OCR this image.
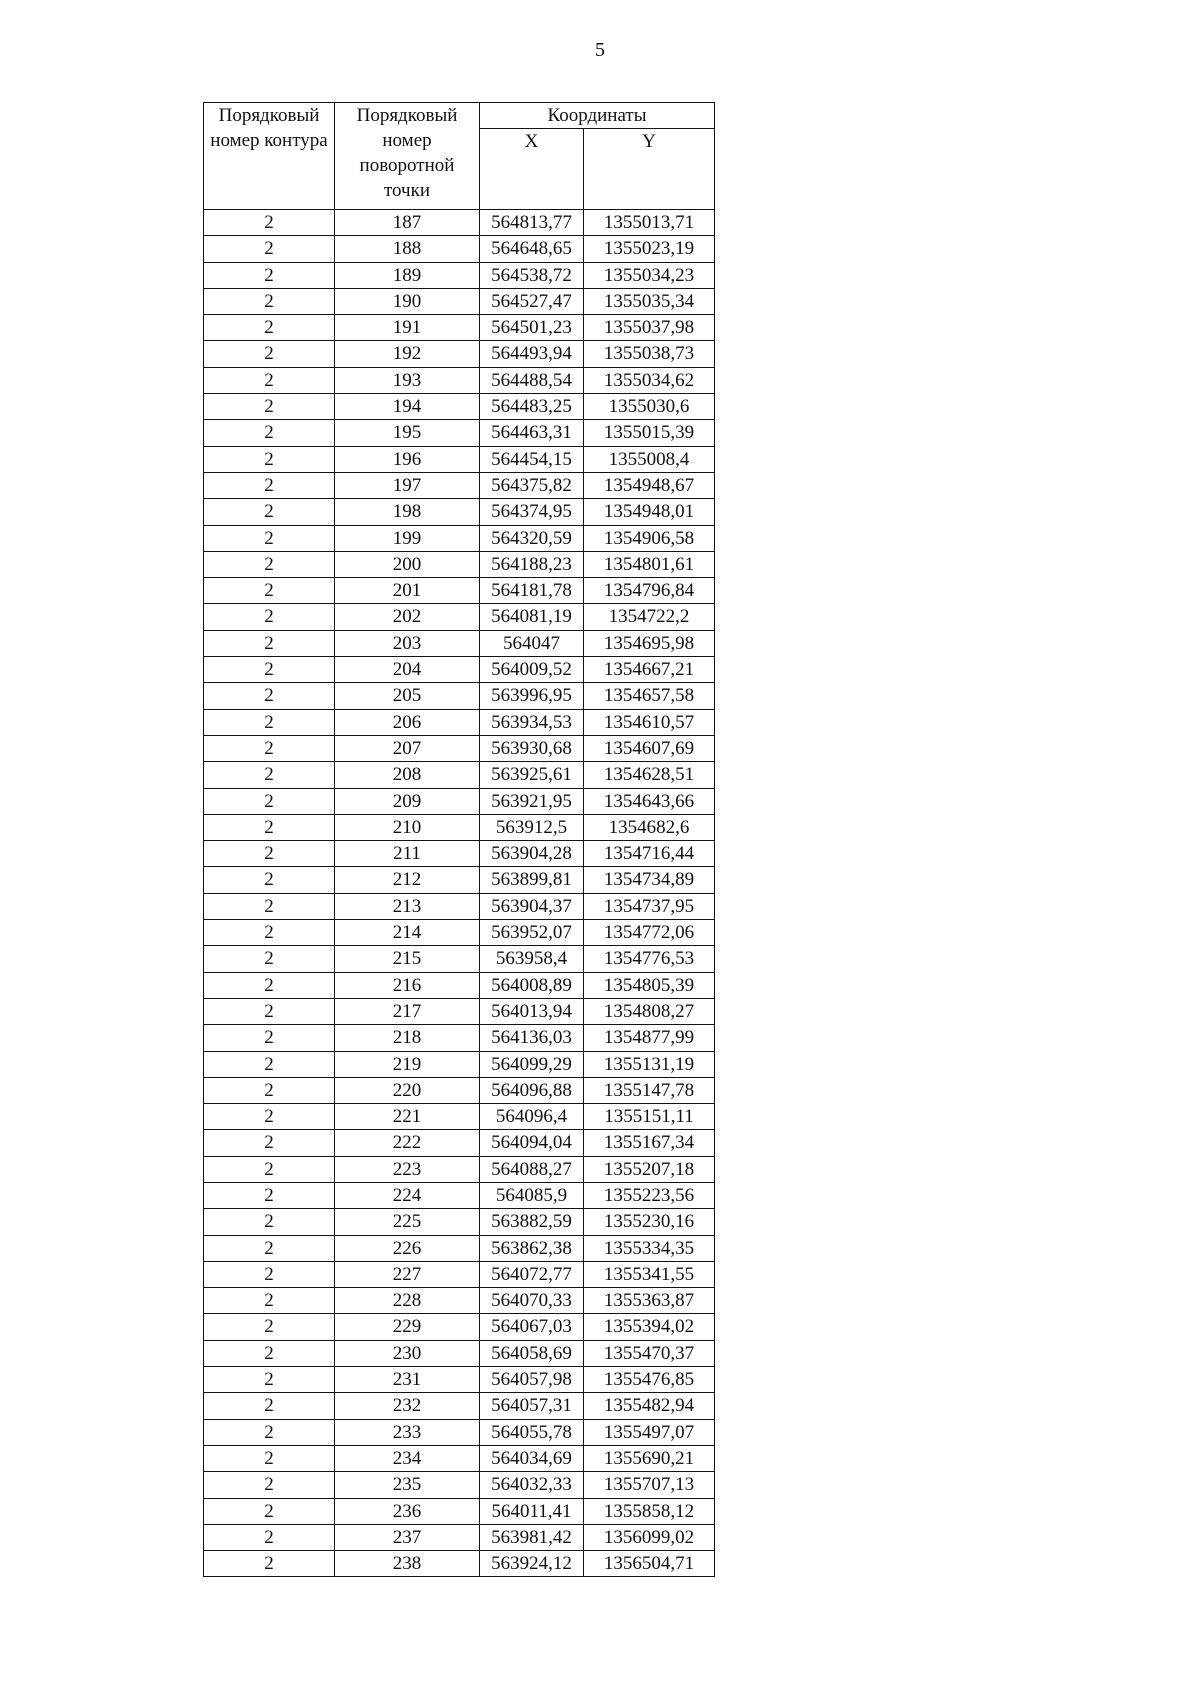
5
Порядковый номер контура	Порядковый номер поворотной точки	Координаты	
		X	Y
2	187	564813,77	1355013,71
2	188	564648,65	1355023,19
2	189	564538,72	1355034,23
2	190	564527,47	1355035,34
2	191	564501,23	1355037,98
2	192	564493,94	1355038,73
2	193	564488,54	1355034,62
2	194	564483,25	1355030,6
2	195	564463,31	1355015,39
2	196	564454,15	1355008,4
2	197	564375,82	1354948,67
2	198	564374,95	1354948,01
2	199	564320,59	1354906,58
2	200	564188,23	1354801,61
2	201	564181,78	1354796,84
2	202	564081,19	1354722,2
2	203	564047	1354695,98
2	204	564009,52	1354667,21
2	205	563996,95	1354657,58
2	206	563934,53	1354610,57
2	207	563930,68	1354607,69
2	208	563925,61	1354628,51
2	209	563921,95	1354643,66
2	210	563912,5	1354682,6
2	211	563904,28	1354716,44
2	212	563899,81	1354734,89
2	213	563904,37	1354737,95
2	214	563952,07	1354772,06
2	215	563958,4	1354776,53
2	216	564008,89	1354805,39
2	217	564013,94	1354808,27
2	218	564136,03	1354877,99
2	219	564099,29	1355131,19
2	220	564096,88	1355147,78
2	221	564096,4	1355151,11
2	222	564094,04	1355167,34
2	223	564088,27	1355207,18
2	224	564085,9	1355223,56
2	225	563882,59	1355230,16
2	226	563862,38	1355334,35
2	227	564072,77	1355341,55
2	228	564070,33	1355363,87
2	229	564067,03	1355394,02
2	230	564058,69	1355470,37
2	231	564057,98	1355476,85
2	232	564057,31	1355482,94
2	233	564055,78	1355497,07
2	234	564034,69	1355690,21
2	235	564032,33	1355707,13
2	236	564011,41	1355858,12
2	237	563981,42	1356099,02
2	238	563924,12	1356504,71
